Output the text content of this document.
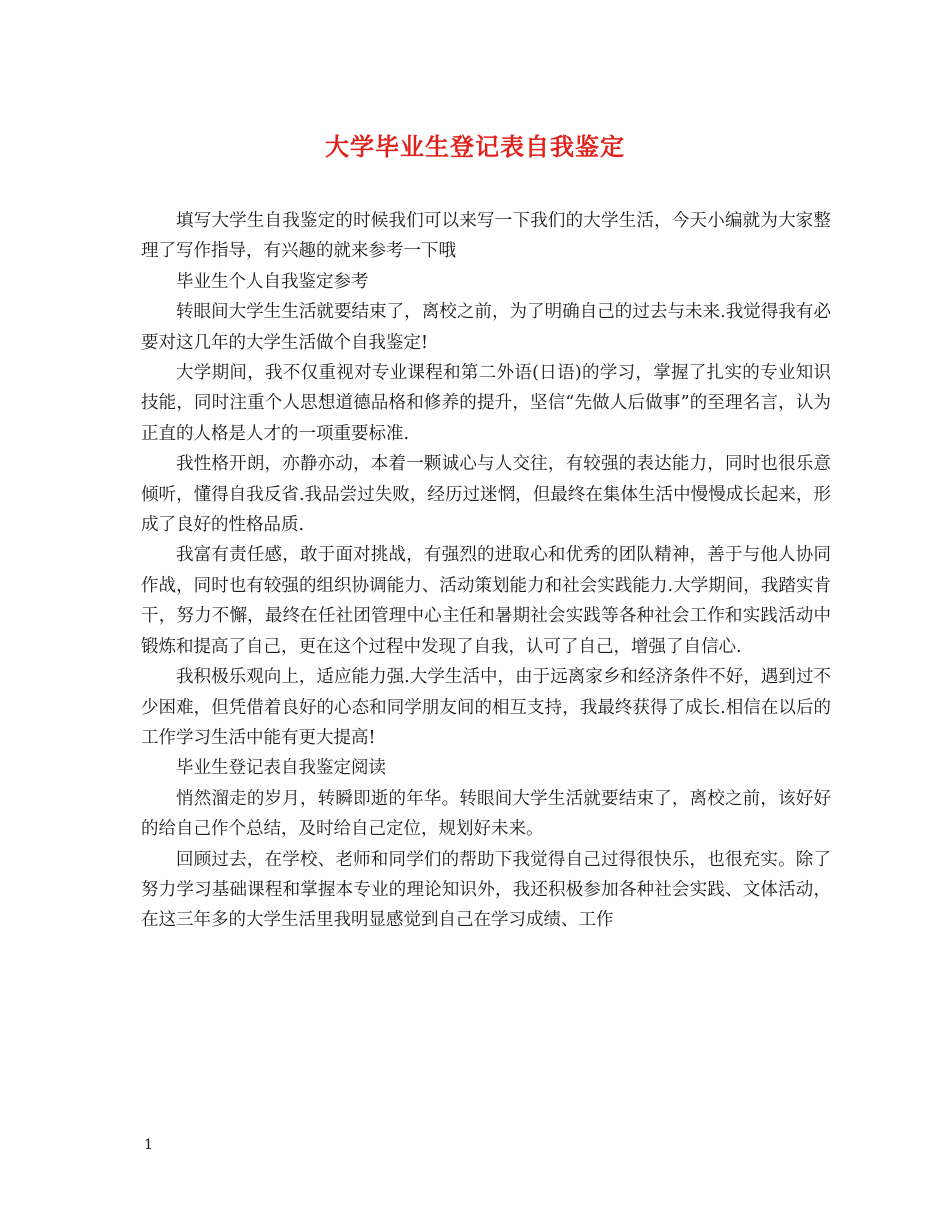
大学毕业生登记表自我鉴定

填写大学生自我鉴定的时候我们可以来写一下我们的大学生活，今天小编就为大家整理了写作指导，有兴趣的就来参考一下哦

毕业生个人自我鉴定参考

转眼间大学生生活就要结束了，离校之前，为了明确自己的过去与未来.我觉得我有必要对这几年的大学生活做个自我鉴定!

大学期间，我不仅重视对专业课程和第二外语(日语)的学习，掌握了扎实的专业知识技能，同时注重个人思想道德品格和修养的提升，坚信“先做人后做事”的至理名言，认为正直的人格是人才的一项重要标准.

我性格开朗，亦静亦动，本着一颗诚心与人交往，有较强的表达能力，同时也很乐意倾听，懂得自我反省.我品尝过失败，经历过迷惘，但最终在集体生活中慢慢成长起来，形成了良好的性格品质.

我富有责任感，敢于面对挑战，有强烈的进取心和优秀的团队精神，善于与他人协同作战，同时也有较强的组织协调能力、活动策划能力和社会实践能力.大学期间，我踏实肯干，努力不懈，最终在任社团管理中心主任和暑期社会实践等各种社会工作和实践活动中锻炼和提高了自己，更在这个过程中发现了自我，认可了自己，增强了自信心.

我积极乐观向上，适应能力强.大学生活中，由于远离家乡和经济条件不好，遇到过不少困难，但凭借着良好的心态和同学朋友间的相互支持，我最终获得了成长.相信在以后的工作学习生活中能有更大提高!

毕业生登记表自我鉴定阅读

悄然溜走的岁月，转瞬即逝的年华。转眼间大学生活就要结束了，离校之前，该好好的给自己作个总结，及时给自己定位，规划好未来。

回顾过去，在学校、老师和同学们的帮助下我觉得自己过得很快乐，也很充实。除了努力学习基础课程和掌握本专业的理论知识外，我还积极参加各种社会实践、文体活动，在这三年多的大学生活里我明显感觉到自己在学习成绩、工作

1
